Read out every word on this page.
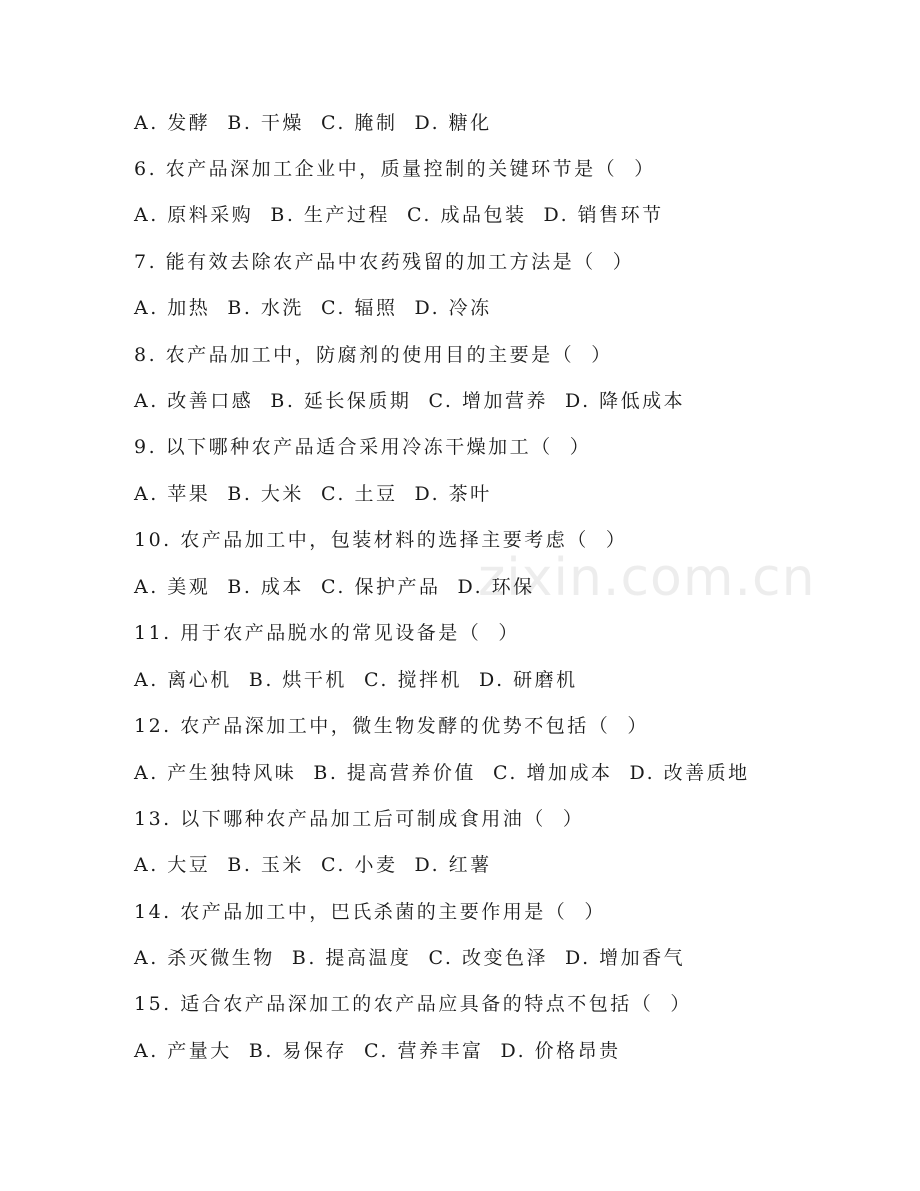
A. 发酵  B. 干燥  C. 腌制  D. 糖化
6. 农产品深加工企业中，质量控制的关键环节是（  ）
A. 原料采购  B. 生产过程  C. 成品包装  D. 销售环节
7. 能有效去除农产品中农药残留的加工方法是（  ）
A. 加热  B. 水洗  C. 辐照  D. 冷冻
8. 农产品加工中，防腐剂的使用目的主要是（  ）
A. 改善口感  B. 延长保质期  C. 增加营养  D. 降低成本
9. 以下哪种农产品适合采用冷冻干燥加工（  ）
A. 苹果  B. 大米  C. 土豆  D. 茶叶
10. 农产品加工中，包装材料的选择主要考虑（  ）
A. 美观  B. 成本  C. 保护产品  D. 环保
11. 用于农产品脱水的常见设备是（  ）
A. 离心机  B. 烘干机  C. 搅拌机  D. 研磨机
12. 农产品深加工中，微生物发酵的优势不包括（  ）
A. 产生独特风味  B. 提高营养价值  C. 增加成本  D. 改善质地
13. 以下哪种农产品加工后可制成食用油（  ）
A. 大豆  B. 玉米  C. 小麦  D. 红薯
14. 农产品加工中，巴氏杀菌的主要作用是（  ）
A. 杀灭微生物  B. 提高温度  C. 改变色泽  D. 增加香气
15. 适合农产品深加工的农产品应具备的特点不包括（  ）
A. 产量大  B. 易保存  C. 营养丰富  D. 价格昂贵
zixin.com.cn
